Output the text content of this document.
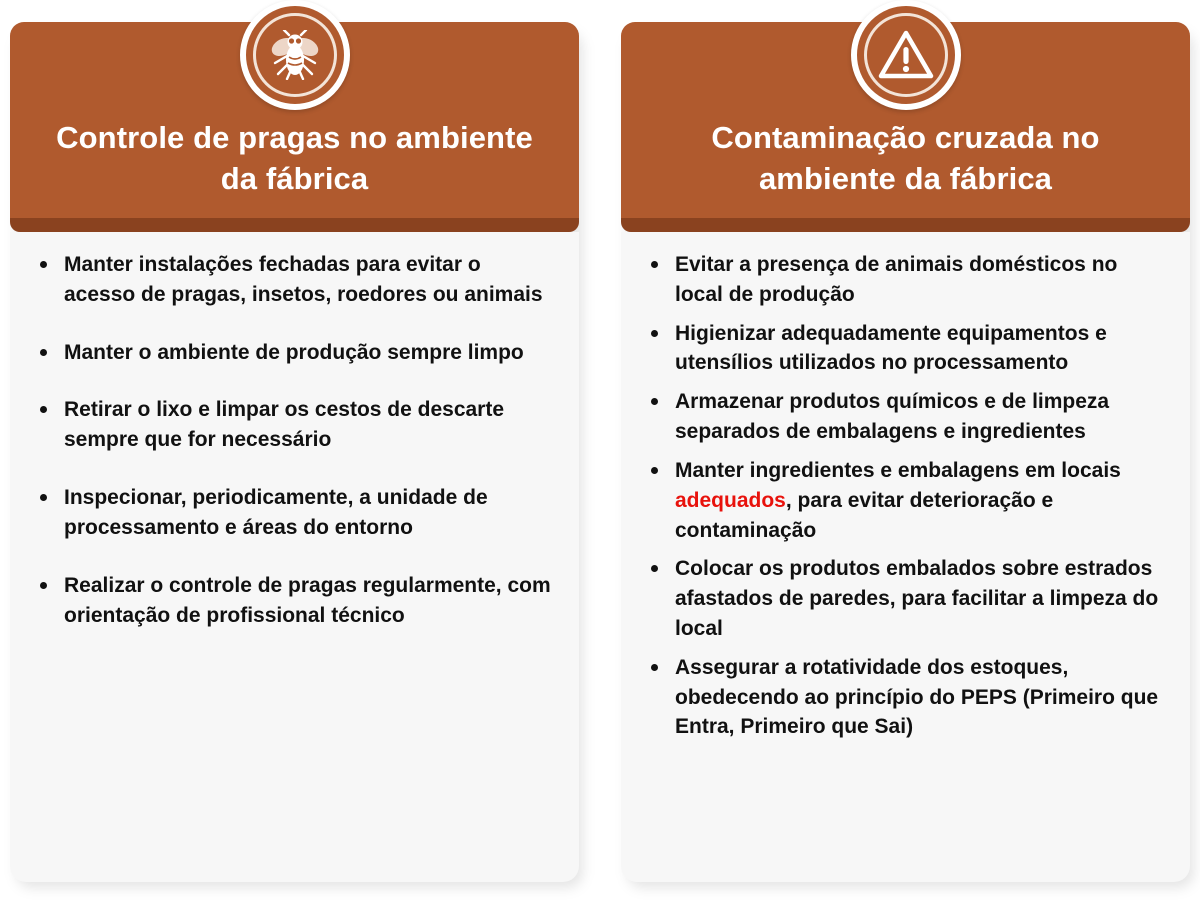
Controle de pragas no ambiente da fábrica
Manter instalações fechadas para evitar o acesso de pragas, insetos, roedores ou animais
Manter o ambiente de produção sempre limpo
Retirar o lixo e limpar os cestos de descarte sempre que for necessário
Inspecionar, periodicamente, a unidade de processamento e áreas do entorno
Realizar o controle de pragas regularmente, com orientação de profissional técnico
Contaminação cruzada no ambiente da fábrica
Evitar a presença de animais domésticos no local de produção
Higienizar adequadamente equipamentos e utensílios utilizados no processamento
Armazenar produtos químicos e de limpeza separados de embalagens e ingredientes
Manter ingredientes e embalagens em locais adequados, para evitar deterioração e contaminação
Colocar os produtos embalados sobre estrados afastados de paredes, para facilitar a limpeza do local
Assegurar a rotatividade dos estoques, obedecendo ao princípio do PEPS (Primeiro que Entra, Primeiro que Sai)
